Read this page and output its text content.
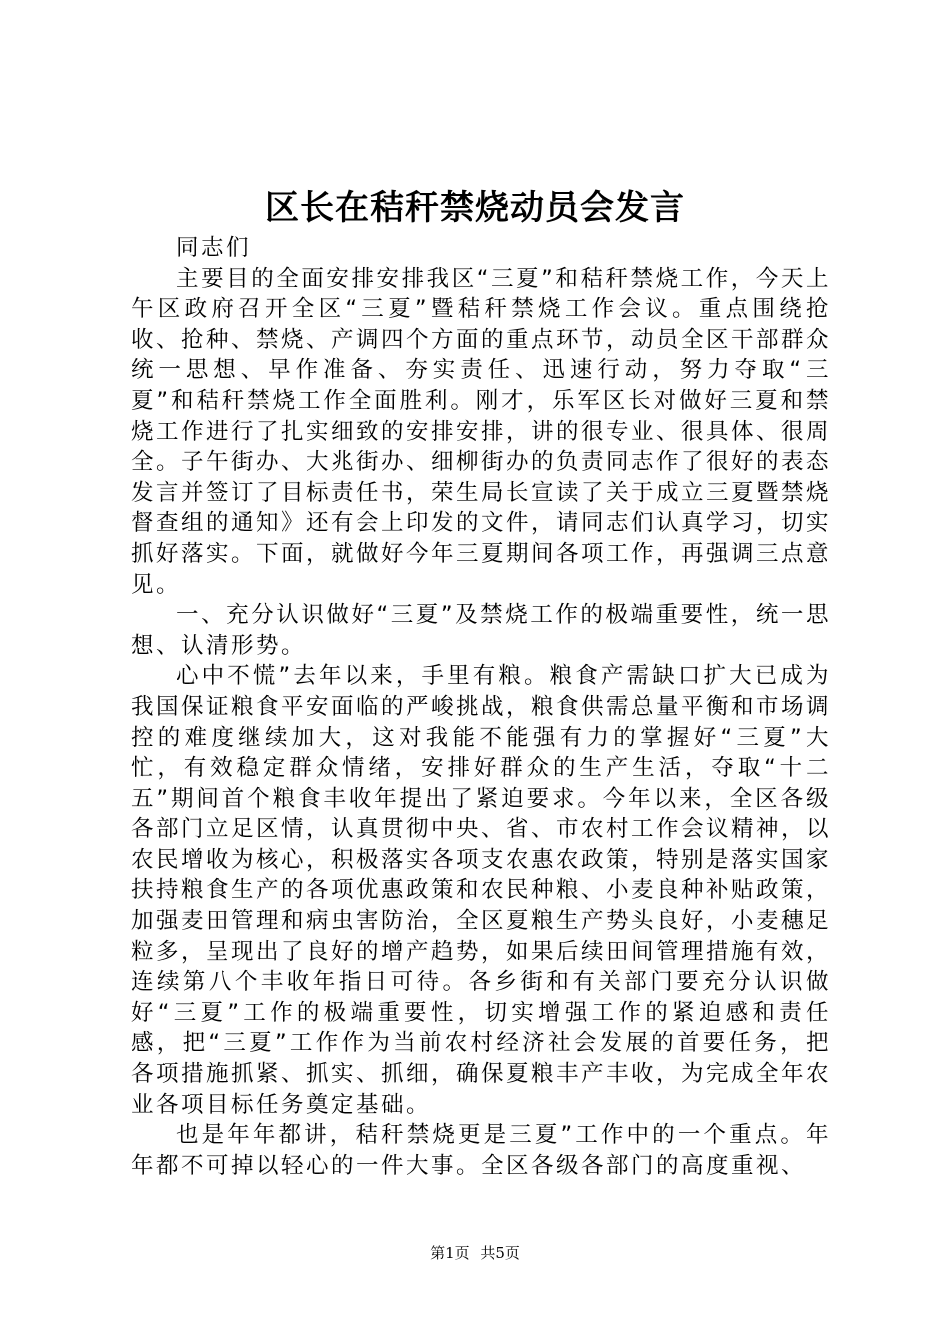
区长在秸秆禁烧动员会发言

同志们

主要目的全面安排安排我区“三夏”和秸秆禁烧工作，今天上午区政府召开全区“三夏”暨秸秆禁烧工作会议。重点围绕抢收、抢种、禁烧、产调四个方面的重点环节，动员全区干部群众统一思想、早作准备、夯实责任、迅速行动，努力夺取“三夏”和秸秆禁烧工作全面胜利。刚才，乐军区长对做好三夏和禁烧工作进行了扎实细致的安排安排，讲的很专业、很具体、很周全。子午街办、大兆街办、细柳街办的负责同志作了很好的表态发言并签订了目标责任书，荣生局长宣读了关于成立三夏暨禁烧督查组的通知》还有会上印发的文件，请同志们认真学习，切实抓好落实。下面，就做好今年三夏期间各项工作，再强调三点意见。

一、充分认识做好“三夏”及禁烧工作的极端重要性，统一思想、认清形势。

心中不慌”去年以来，手里有粮。粮食产需缺口扩大已成为我国保证粮食平安面临的严峻挑战，粮食供需总量平衡和市场调控的难度继续加大，这对我能不能强有力的掌握好“三夏”大忙，有效稳定群众情绪，安排好群众的生产生活，夺取“十二五”期间首个粮食丰收年提出了紧迫要求。今年以来，全区各级各部门立足区情，认真贯彻中央、省、市农村工作会议精神，以农民增收为核心，积极落实各项支农惠农政策，特别是落实国家扶持粮食生产的各项优惠政策和农民种粮、小麦良种补贴政策，加强麦田管理和病虫害防治，全区夏粮生产势头良好，小麦穗足粒多，呈现出了良好的增产趋势，如果后续田间管理措施有效，连续第八个丰收年指日可待。各乡街和有关部门要充分认识做好“三夏”工作的极端重要性，切实增强工作的紧迫感和责任感，把“三夏”工作作为当前农村经济社会发展的首要任务，把各项措施抓紧、抓实、抓细，确保夏粮丰产丰收，为完成全年农业各项目标任务奠定基础。

也是年年都讲，秸秆禁烧更是三夏”工作中的一个重点。年年都不可掉以轻心的一件大事。全区各级各部门的高度重视、

第1页 共5页
